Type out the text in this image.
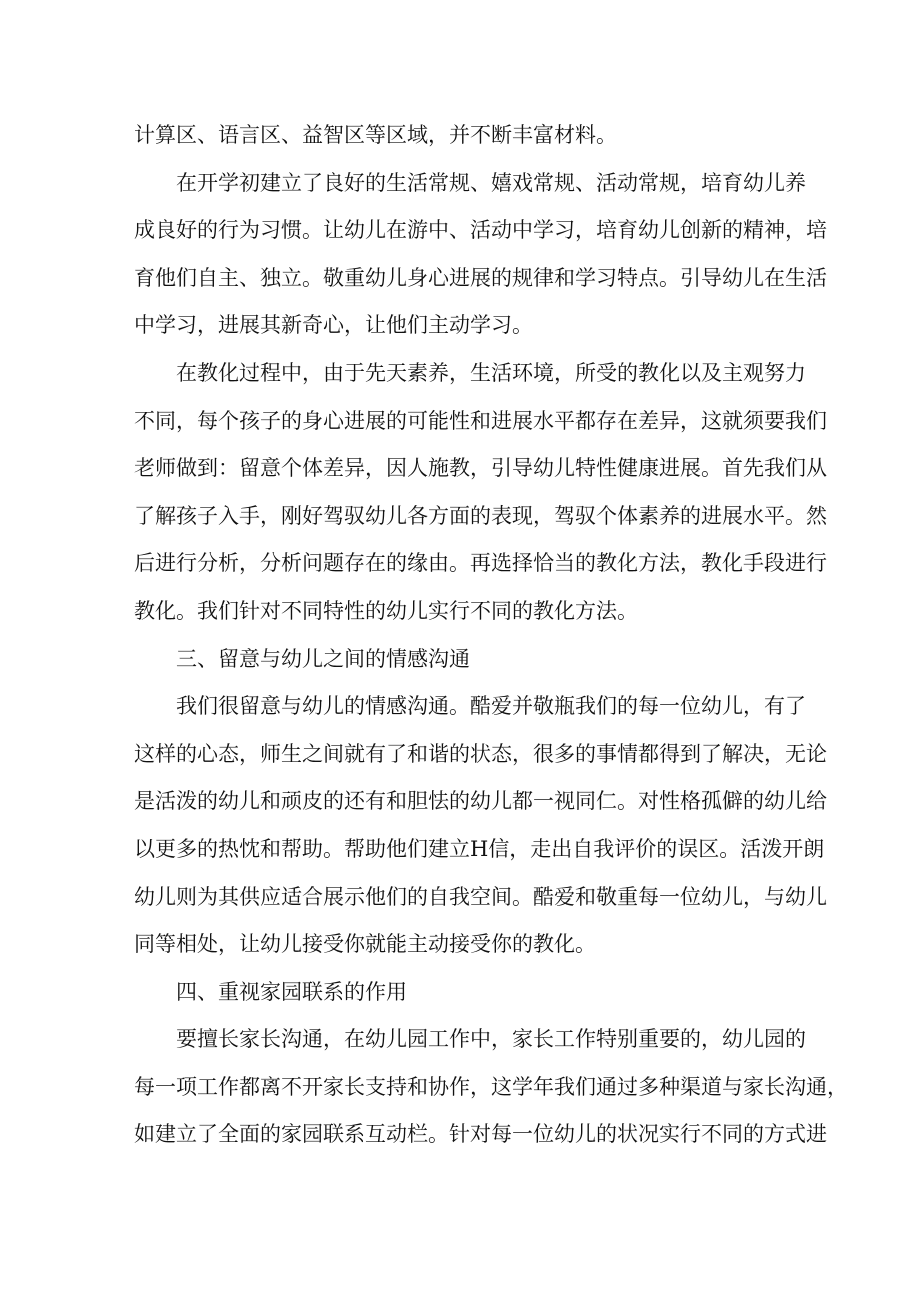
计算区、语言区、益智区等区域，并不断丰富材料。
在开学初建立了良好的生活常规、嬉戏常规、活动常规，培育幼儿养
成良好的行为习惯。让幼儿在游中、活动中学习，培育幼儿创新的精神，培
育他们自主、独立。敬重幼儿身心进展的规律和学习特点。引导幼儿在生活
中学习，进展其新奇心，让他们主动学习。
在教化过程中，由于先天素养，生活环境，所受的教化以及主观努力
不同，每个孩子的身心进展的可能性和进展水平都存在差异，这就须要我们
老师做到：留意个体差异，因人施教，引导幼儿特性健康进展。首先我们从
了解孩子入手，刚好驾驭幼儿各方面的表现，驾驭个体素养的进展水平。然
后进行分析，分析问题存在的缘由。再选择恰当的教化方法，教化手段进行
教化。我们针对不同特性的幼儿实行不同的教化方法。
三、留意与幼儿之间的情感沟通
我们很留意与幼儿的情感沟通。酷爱并敬瓶我们的每一位幼儿，有了
这样的心态，师生之间就有了和谐的状态，很多的事情都得到了解决，无论
是活泼的幼儿和顽皮的还有和胆怯的幼儿都一视同仁。对性格孤僻的幼儿给
以更多的热忱和帮助。帮助他们建立H信，走出自我评价的误区。活泼开朗
幼儿则为其供应适合展示他们的自我空间。酷爱和敬重每一位幼儿，与幼儿
同等相处，让幼儿接受你就能主动接受你的教化。
四、重视家园联系的作用
要擅长家长沟通，在幼儿园工作中，家长工作特别重要的，幼儿园的
每一项工作都离不开家长支持和协作，这学年我们通过多种渠道与家长沟通，
如建立了全面的家园联系互动栏。针对每一位幼儿的状况实行不同的方式进
